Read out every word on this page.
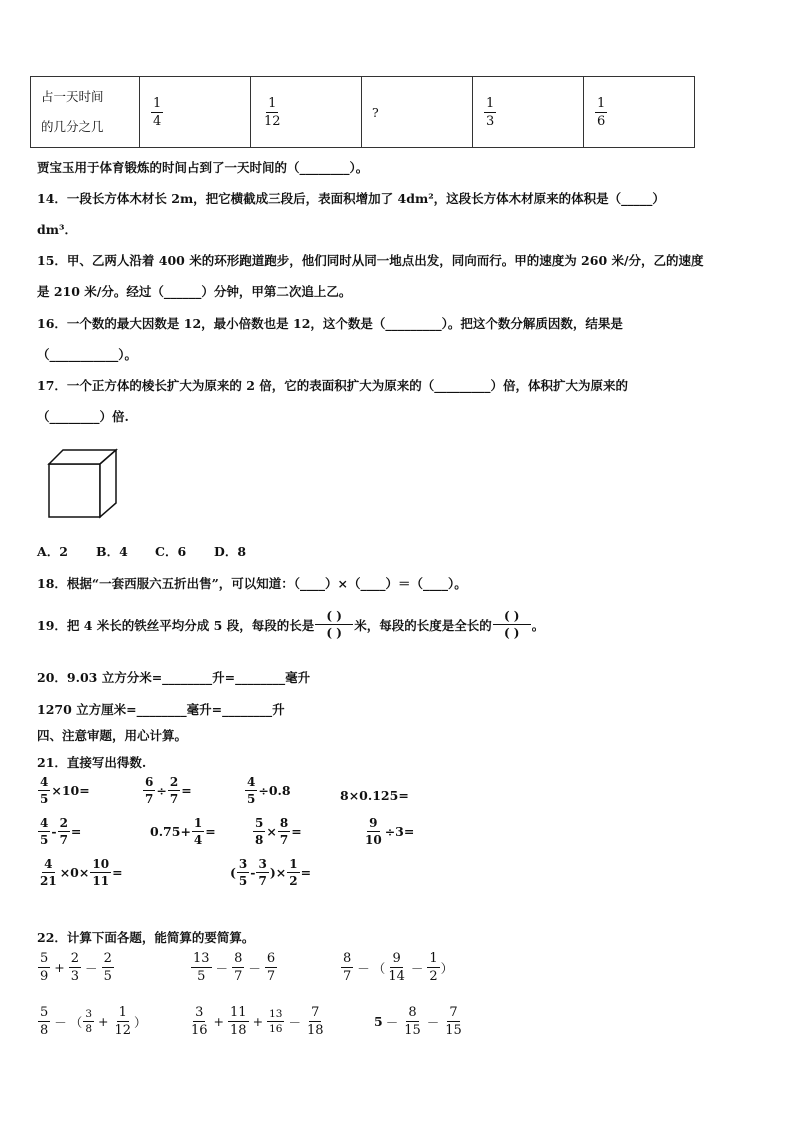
占一天时间
的几分之几	$\frac{1}{4}$	$\frac{1}{12}$	?	$\frac{1}{3}$	$\frac{1}{6}$
贾宝玉用于体育锻炼的时间占到了一天时间的（________）。
14．一段长方体木材长 2m，把它横截成三段后，表面积增加了 4dm²，这段长方体木材原来的体积是（_____）
dm³．
15．甲、乙两人沿着 400 米的环形跑道跑步，他们同时从同一地点出发，同向而行。甲的速度为 260 米/分，乙的速度
是 210 米/分。经过（______）分钟，甲第二次追上乙。
16．一个数的最大因数是 12，最小倍数也是 12，这个数是（_________）。把这个数分解质因数，结果是
（___________）。
17．一个正方体的棱长扩大为原来的 2 倍，它的表面积扩大为原来的（_________）倍，体积扩大为原来的
（________）倍.
A．2 B．4 C．6 D．8
18．根据“一套西服六五折出售”，可以知道：（____）×（____）＝（____）。
19．把 4 米长的铁丝平均分成 5 段，每段的长是 $\frac{( )}{( )}$ 米，每段的长度是全长的 $\frac{( )}{( )}$ 。
20．9.03 立方分米=________升=________毫升
1270 立方厘米=________毫升=________升
四、注意审题，用心计算。
21．直接写出得数.
$\frac{4}{5} \times 10=$	$\frac{6}{7} \div \frac{2}{7}$ =	$\frac{4}{5} \div 0.8$	8×0.125=
$\frac{4}{5} - \frac{2}{7}$ =	$0.75+ \frac{1}{4}$ =	$\frac{5}{8} \times \frac{8}{7}$ =	$\frac{9}{10} \div 3=$
$\frac{4}{21} \times 0\times \frac{10}{11}$ =	( $\frac{3}{5} - \frac{3}{7}$ ) × $\frac{1}{2}$ =
22．计算下面各题，能简算的要简算。
$\frac{5}{9} + \frac{2}{3} - \frac{2}{5}$	$\frac{13}{5} - \frac{8}{7} - \frac{6}{7}$	$\frac{8}{7}$ － （ $\frac{9}{14} - \frac{1}{2}$ ）
$\frac{5}{8}$ － （ $\frac{3}{8} + \frac{1}{12}$ ）	$\frac{3}{16} + \frac{11}{18} + \frac{13}{16} - \frac{7}{18}$	$5 - \frac{8}{15} - \frac{7}{15}$
